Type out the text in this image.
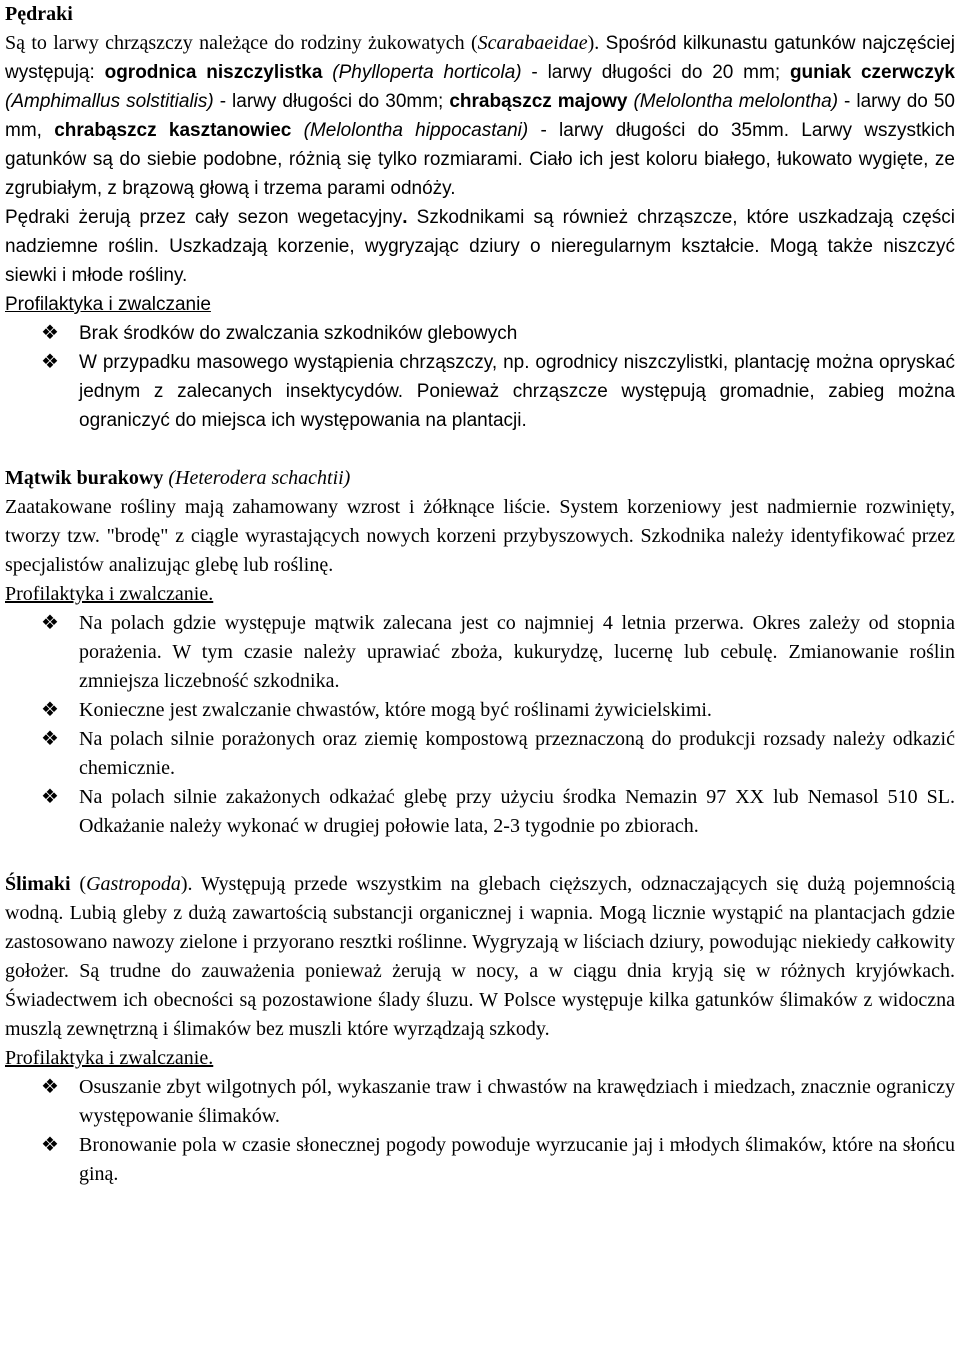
Pędraki

Są to larwy chrząszczy należące do rodziny żukowatych (Scarabaeidae). Spośród kilkunastu gatunków najczęściej występują: ogrodnica niszczylistka (Phylloperta horticola) - larwy długości do 20 mm; guniak czerwczyk (Amphimallus solstitialis) - larwy długości do 30mm; chrabąszcz majowy (Melolontha melolontha) - larwy do 50 mm, chrabąszcz kasztanowiec (Melolontha hippocastani) - larwy długości do 35mm. Larwy wszystkich gatunków są do siebie podobne, różnią się tylko rozmiarami. Ciało ich jest koloru białego, łukowato wygięte, ze zgrubiałym, z brązową głową i trzema parami odnóży.

Pędraki żerują przez cały sezon wegetacyjny. Szkodnikami są również chrząszcze, które uszkadzają części nadziemne roślin. Uszkadzają korzenie, wygryzając dziury o nieregularnym kształcie. Mogą także niszczyć siewki i młode rośliny.

Profilaktyka i zwalczanie

❖ Brak środków do zwalczania szkodników glebowych
❖ W przypadku masowego wystąpienia chrząszczy, np. ogrodnicy niszczylistki, plantację można opryskać jednym z zalecanych insektycydów. Ponieważ chrząszcze występują gromadnie, zabieg można ograniczyć do miejsca ich występowania na plantacji.

Mątwik burakowy (Heterodera schachtii)

Zaatakowane rośliny mają zahamowany wzrost i żółknące liście. System korzeniowy jest nadmiernie rozwinięty, tworzy tzw. "brodę" z ciągle wyrastających nowych korzeni przybyszowych. Szkodnika należy identyfikować przez specjalistów analizując glebę lub roślinę.

Profilaktyka i zwalczanie.

❖ Na polach gdzie występuje mątwik zalecana jest co najmniej 4 letnia przerwa. Okres zależy od stopnia porażenia. W tym czasie należy uprawiać zboża, kukurydzę, lucernę lub cebulę. Zmianowanie roślin zmniejsza liczebność szkodnika.
❖ Konieczne jest zwalczanie chwastów, które mogą być roślinami żywicielskimi.
❖ Na polach silnie porażonych oraz ziemię kompostową przeznaczoną do produkcji rozsady należy odkazić chemicznie.
❖ Na polach silnie zakażonych odkażać glebę przy użyciu środka Nemazin 97 XX lub Nemasol 510 SL. Odkażanie należy wykonać w drugiej połowie lata, 2-3 tygodnie po zbiorach.

Ślimaki (Gastropoda). Występują przede wszystkim na glebach cięższych, odznaczających się dużą pojemnością wodną. Lubią gleby z dużą zawartością substancji organicznej i wapnia. Mogą licznie wystąpić na plantacjach gdzie zastosowano nawozy zielone i przyorano resztki roślinne. Wygryzają w liściach dziury, powodując niekiedy całkowity gołożer. Są trudne do zauważenia ponieważ żerują w nocy, a w ciągu dnia kryją się w różnych kryjówkach. Świadectwem ich obecności są pozostawione ślady śluzu. W Polsce występuje kilka gatunków ślimaków z widoczna muszlą zewnętrzną i ślimaków bez muszli które wyrządzają szkody.

Profilaktyka i zwalczanie.

❖ Osuszanie zbyt wilgotnych pól, wykaszanie traw i chwastów na krawędziach i miedzach, znacznie ograniczy występowanie ślimaków.
❖ Bronowanie pola w czasie słonecznej pogody powoduje wyrzucanie jaj i młodych ślimaków, które na słońcu giną.
